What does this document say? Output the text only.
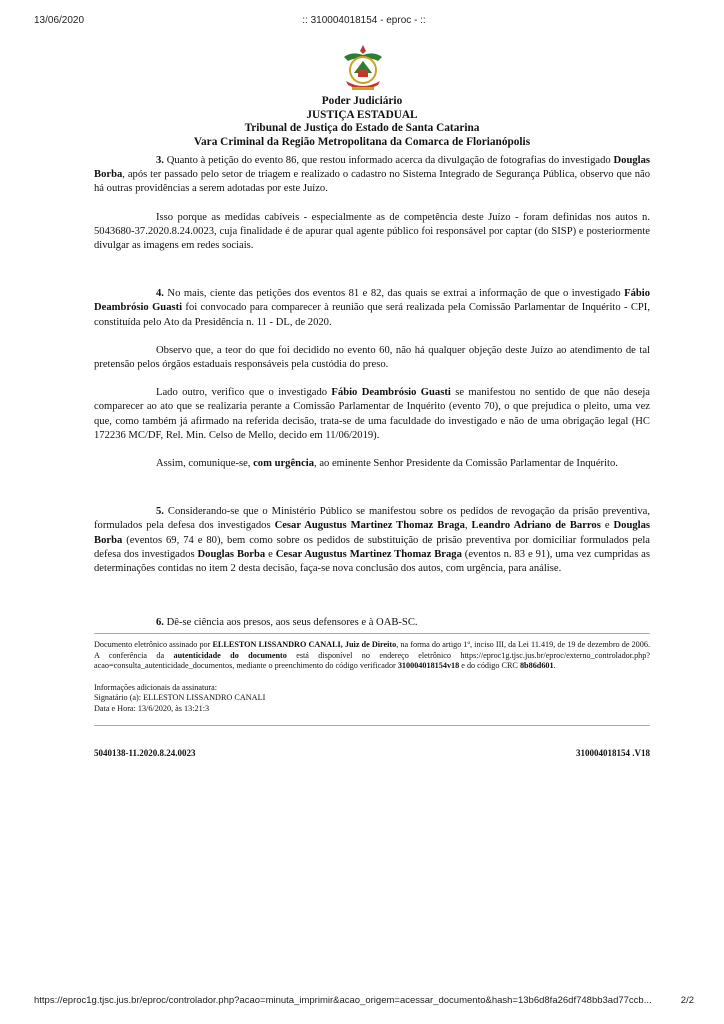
13/06/2020	:: 310004018154 - eproc - ::
Poder Judiciário
JUSTIÇA ESTADUAL
Tribunal de Justiça do Estado de Santa Catarina
Vara Criminal da Região Metropolitana da Comarca de Florianópolis

3. Quanto à petição do evento 86, que restou informado acerca da divulgação de fotografias do investigado Douglas Borba, após ter passado pelo setor de triagem e realizado o cadastro no Sistema Integrado de Segurança Pública, observo que não há outras providências a serem adotadas por este Juízo.

Isso porque as medidas cabíveis - especialmente as de competência deste Juízo - foram definidas nos autos n. 5043680-37.2020.8.24.0023, cuja finalidade é de apurar qual agente público foi responsável por captar (do SISP) e posteriormente divulgar as imagens em redes sociais.

4. No mais, ciente das petições dos eventos 81 e 82, das quais se extrai a informação de que o investigado Fábio Deambrósio Guasti foi convocado para comparecer à reunião que será realizada pela Comissão Parlamentar de Inquérito - CPI, constituída pelo Ato da Presidência n. 11 - DL, de 2020.

Observo que, a teor do que foi decidido no evento 60, não há qualquer objeção deste Juízo ao atendimento de tal pretensão pelos órgãos estaduais responsáveis pela custódia do preso.

Lado outro, verifico que o investigado Fábio Deambrósio Guasti se manifestou no sentido de que não deseja comparecer ao ato que se realizaria perante a Comissão Parlamentar de Inquérito (evento 70), o que prejudica o pleito, uma vez que, como também já afirmado na referida decisão, trata-se de uma faculdade do investigado e não de uma obrigação legal (HC 172236 MC/DF, Rel. Min. Celso de Mello, decido em 11/06/2019).

Assim, comunique-se, com urgência, ao eminente Senhor Presidente da Comissão Parlamentar de Inquérito.

5. Considerando-se que o Ministério Público se manifestou sobre os pedidos de revogação da prisão preventiva, formulados pela defesa dos investigados Cesar Augustus Martinez Thomaz Braga, Leandro Adriano de Barros e Douglas Borba (eventos 69, 74 e 80), bem como sobre os pedidos de substituição de prisão preventiva por domiciliar formulados pela defesa dos investigados Douglas Borba e Cesar Augustus Martinez Thomaz Braga (eventos n. 83 e 91), uma vez cumpridas as determinações contidas no item 2 desta decisão, faça-se nova conclusão dos autos, com urgência, para análise.

6. Dê-se ciência aos presos, aos seus defensores e à OAB-SC.

Documento eletrônico assinado por ELLESTON LISSANDRO CANALI, Juiz de Direito, na forma do artigo 1º, inciso III, da Lei 11.419, de 19 de dezembro de 2006. A conferência da autenticidade do documento está disponível no endereço eletrônico https://eproc1g.tjsc.jus.br/eproc/externo_controlador.php?acao=consulta_autenticidade_documentos, mediante o preenchimento do código verificador 310004018154v18 e do código CRC 8b86d601.
Informações adicionais da assinatura:
Signatário (a): ELLESTON LISSANDRO CANALI
Data e Hora: 13/6/2020, às 13:21:3
5040138-11.2020.8.24.0023	310004018154 .V18
https://eproc1g.tjsc.jus.br/eproc/controlador.php?acao=minuta_imprimir&acao_origem=acessar_documento&hash=13b6d8fa26df748bb3ad77ccb...	2/2
